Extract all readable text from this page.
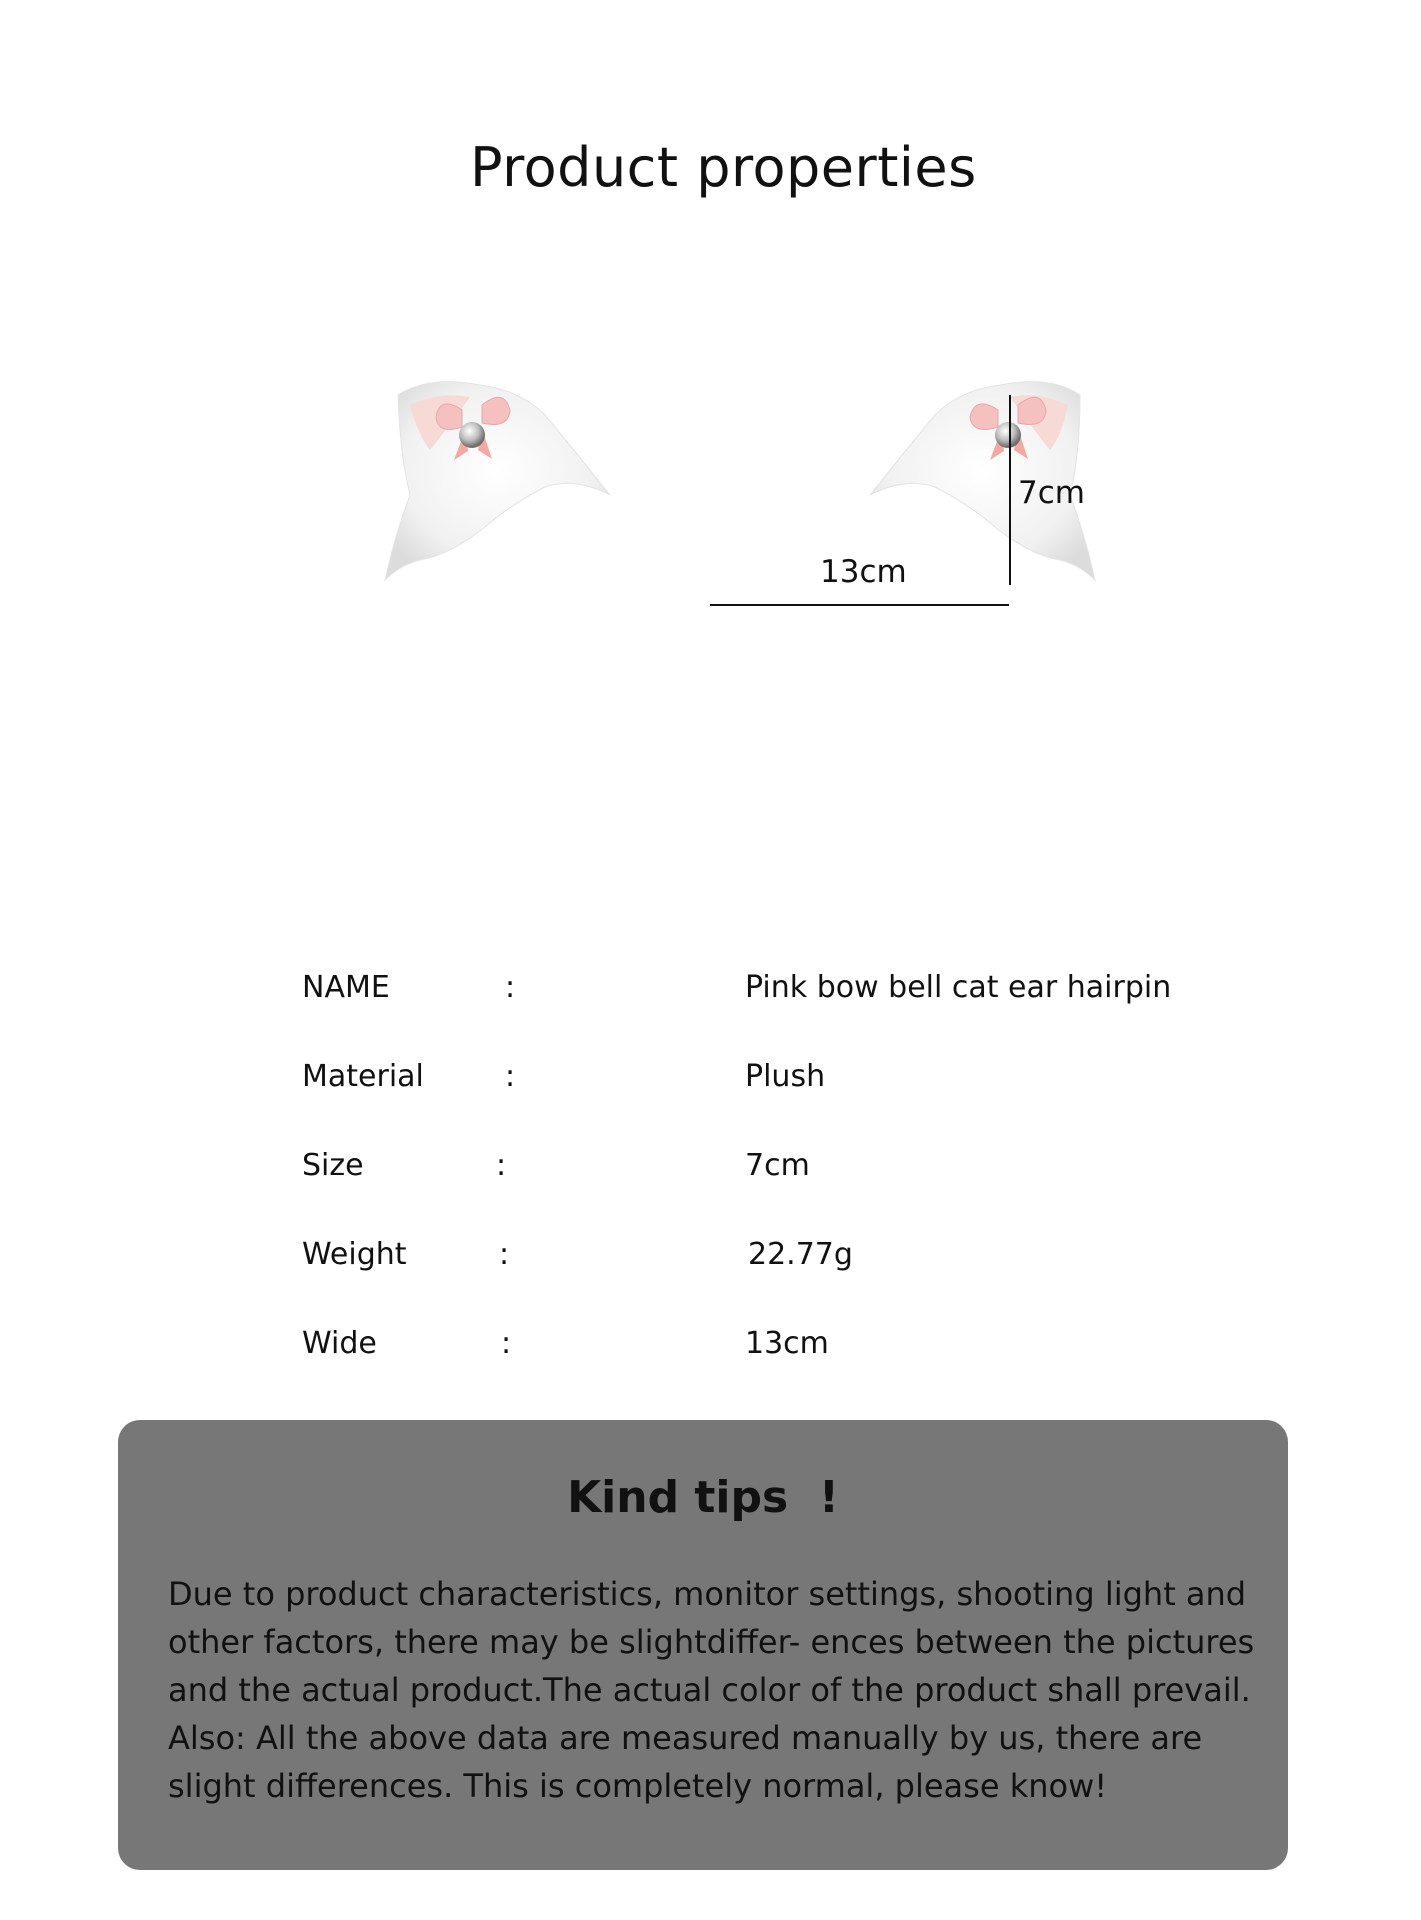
Product properties
7cm
13cm
NAME	:	Pink bow bell cat ear hairpin
Material	:	Plush
Size	:	7cm
Weight	:	22.77g
Wide	:	13cm
Kind tips  !

Due to product characteristics, monitor settings, shooting light and other factors, there may be slightdiffer- ences between the pictures and the actual product.The actual color of the product shall prevail. Also: All the above data are measured manually by us, there are slight differences. This is completely normal, please know!
